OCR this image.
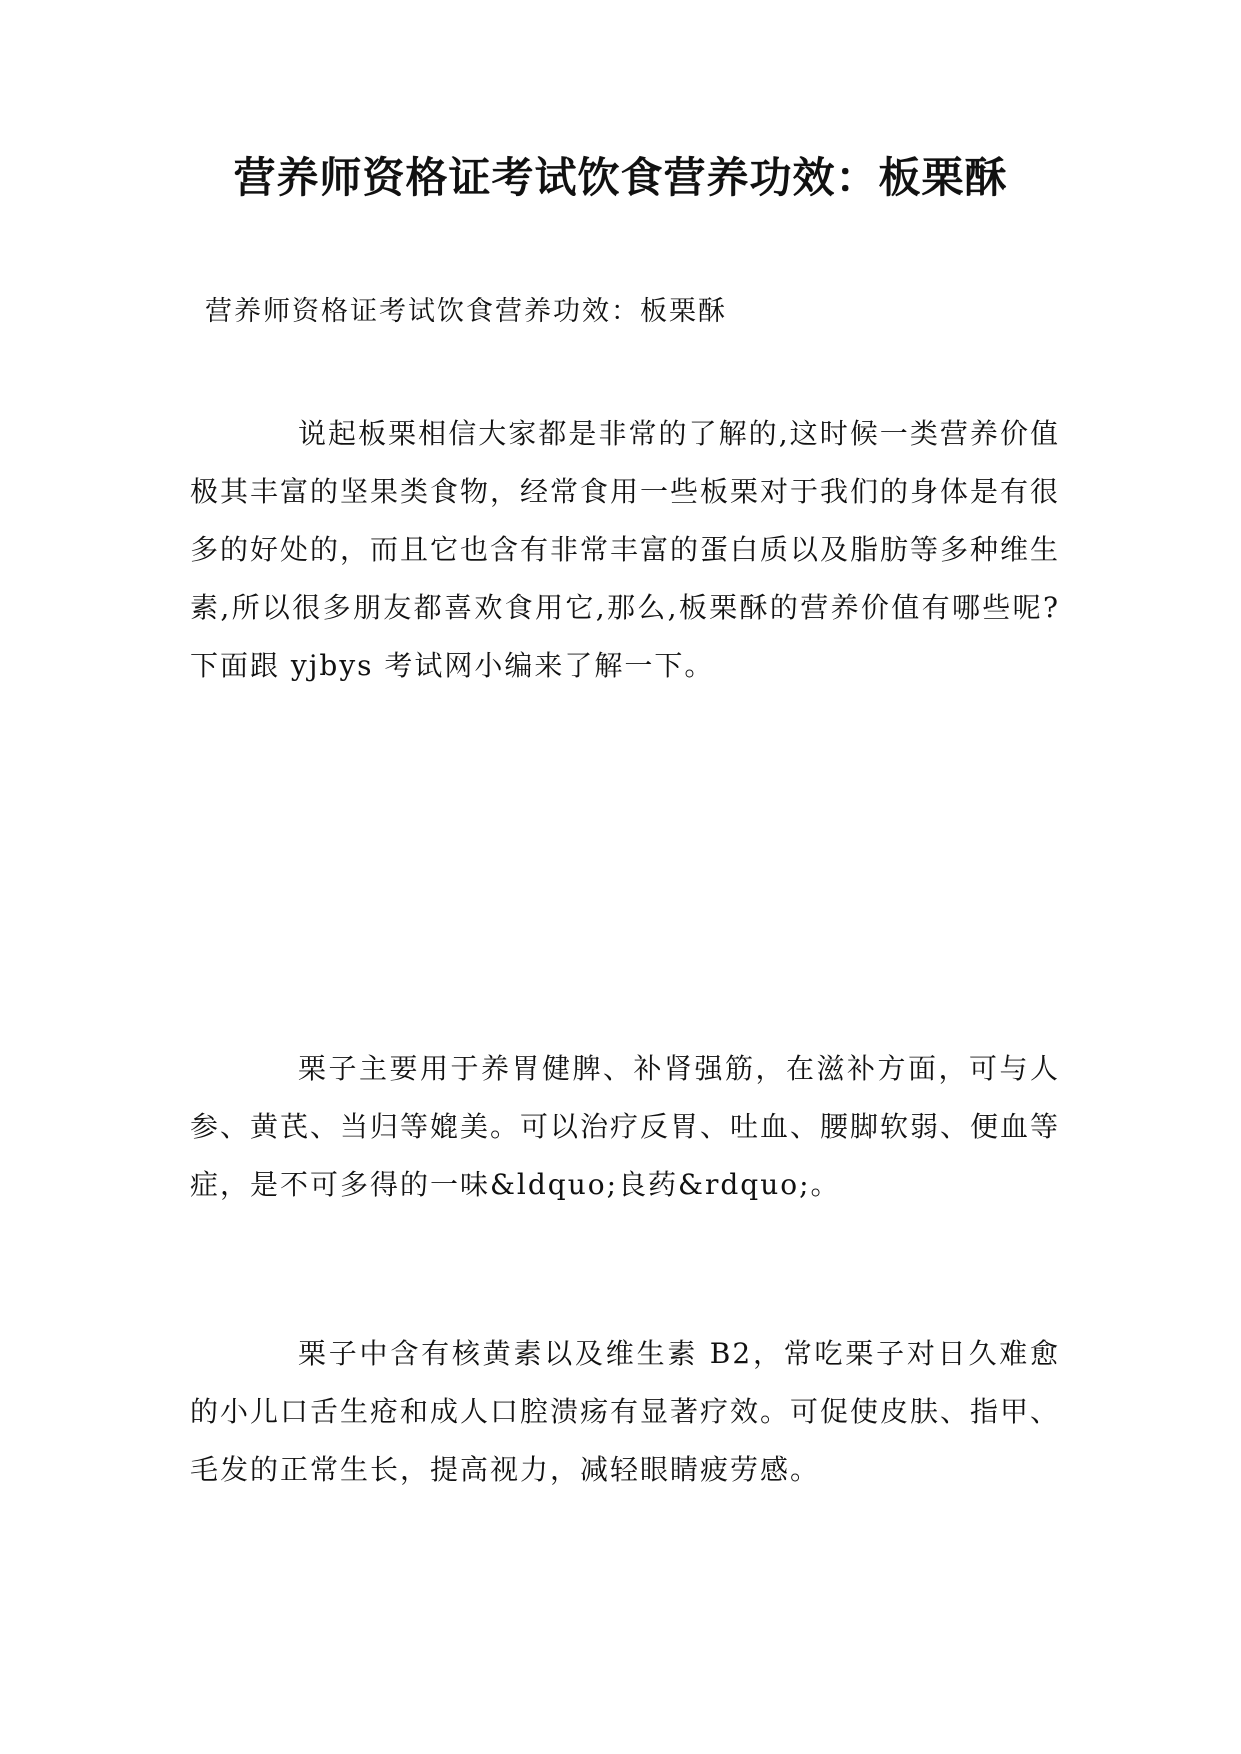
营养师资格证考试饮食营养功效：板栗酥

营养师资格证考试饮食营养功效：板栗酥

说起板栗相信大家都是非常的了解的,这时候一类营养价值极其丰富的坚果类食物，经常食用一些板栗对于我们的身体是有很多的好处的，而且它也含有非常丰富的蛋白质以及脂肪等多种维生素,所以很多朋友都喜欢食用它,那么,板栗酥的营养价值有哪些呢?下面跟 yjbys 考试网小编来了解一下。

栗子主要用于养胃健脾、补肾强筋，在滋补方面，可与人参、黄芪、当归等媲美。可以治疗反胃、吐血、腰脚软弱、便血等症，是不可多得的一味&ldquo;良药&rdquo;。

栗子中含有核黄素以及维生素 B2，常吃栗子对日久难愈的小儿口舌生疮和成人口腔溃疡有显著疗效。可促使皮肤、指甲、毛发的正常生长，提高视力，减轻眼睛疲劳感。
